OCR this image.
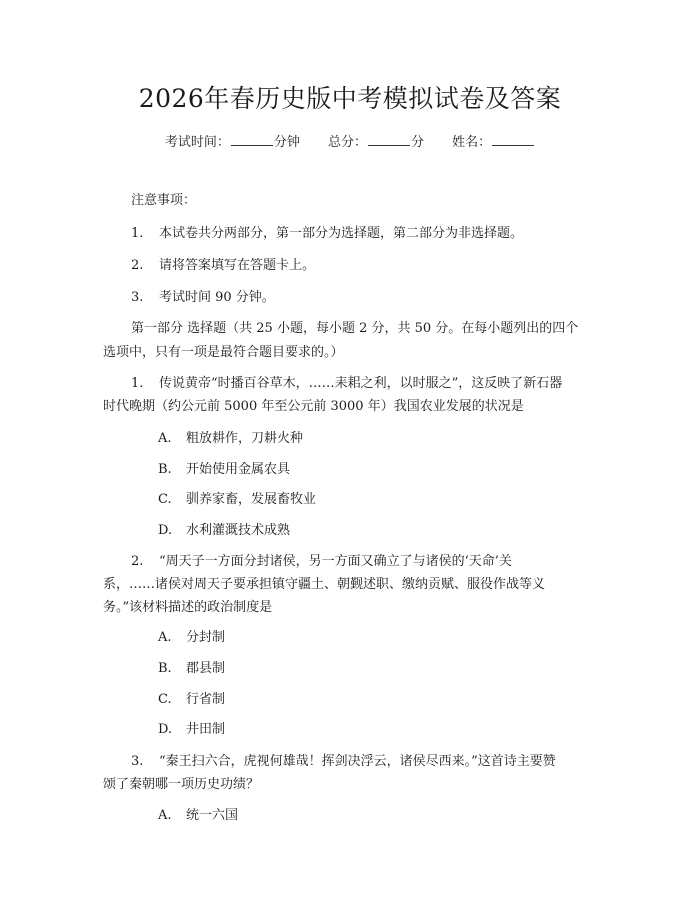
2026年春历史版中考模拟试卷及答案
考试时间：	分钟 总分：	分 姓名：
注意事项：
1. 本试卷共分两部分，第一部分为选择题，第二部分为非选择题。
2. 请将答案填写在答题卡上。
3. 考试时间 90 分钟。
第一部分 选择题（共 25 小题，每小题 2 分，共 50 分。在每小题列出的四个
选项中，只有一项是最符合题目要求的。）
1. 传说黄帝“时播百谷草木，……耒耜之利，以时服之”，这反映了新石器
时代晚期（约公元前 5000 年至公元前 3000 年）我国农业发展的状况是
A. 粗放耕作，刀耕火种
B. 开始使用金属农具
C. 驯养家畜，发展畜牧业
D. 水利灌溉技术成熟
2. “周天子一方面分封诸侯，另一方面又确立了与诸侯的‘天命’关
系，……诸侯对周天子要承担镇守疆土、朝觐述职、缴纳贡赋、服役作战等义
务。”该材料描述的政治制度是
A. 分封制
B. 郡县制
C. 行省制
D. 井田制
3. “秦王扫六合，虎视何雄哉！挥剑决浮云，诸侯尽西来。”这首诗主要赞
颂了秦朝哪一项历史功绩？
A. 统一六国
